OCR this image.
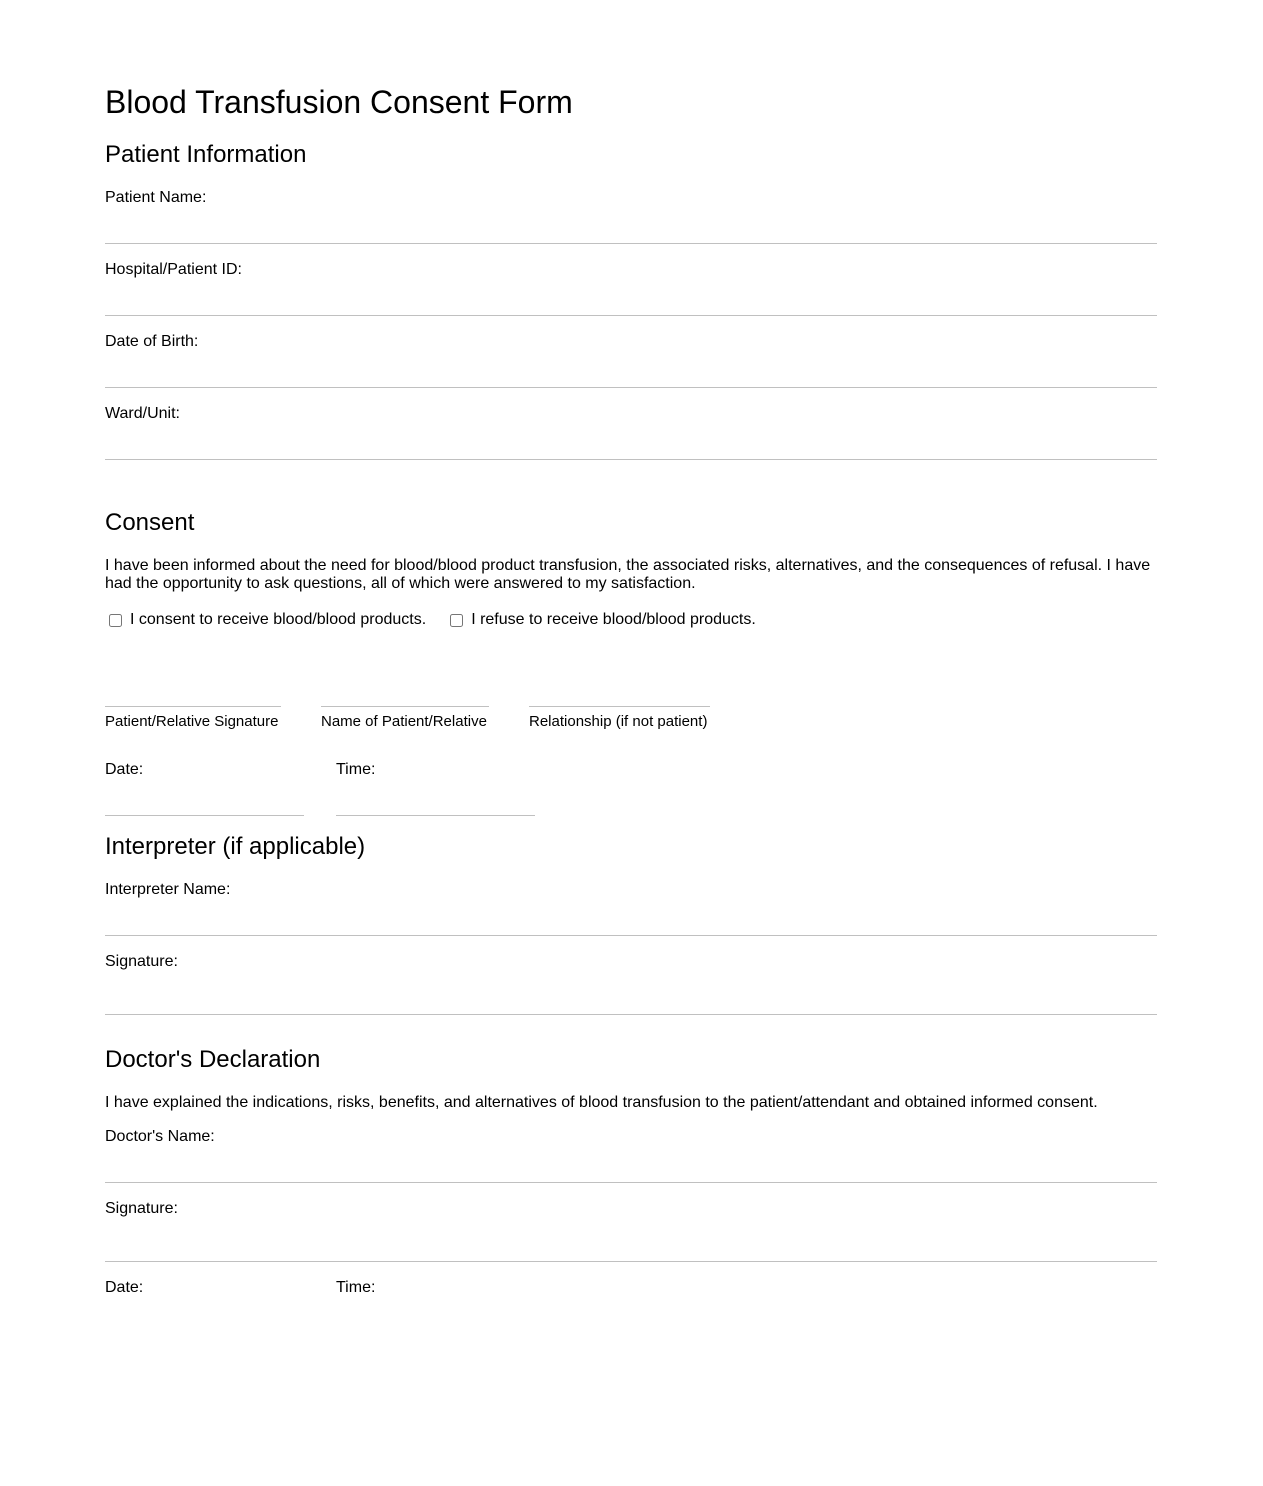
Blood Transfusion Consent Form
Patient Information
Patient Name:
Hospital/Patient ID:
Date of Birth:
Ward/Unit:
Consent

I have been informed about the need for blood/blood product transfusion, the associated risks, alternatives, and the consequences of refusal. I have had the opportunity to ask questions, all of which were answered to my satisfaction.

I consent to receive blood/blood products.	I refuse to receive blood/blood products.
Patient/Relative Signature	Name of Patient/Relative	Relationship (if not patient)
Date:	Time:
Interpreter (if applicable)
Interpreter Name:
Signature:
Doctor's Declaration

I have explained the indications, risks, benefits, and alternatives of blood transfusion to the patient/attendant and obtained informed consent.

Doctor's Name:
Signature:
Date:	Time:
